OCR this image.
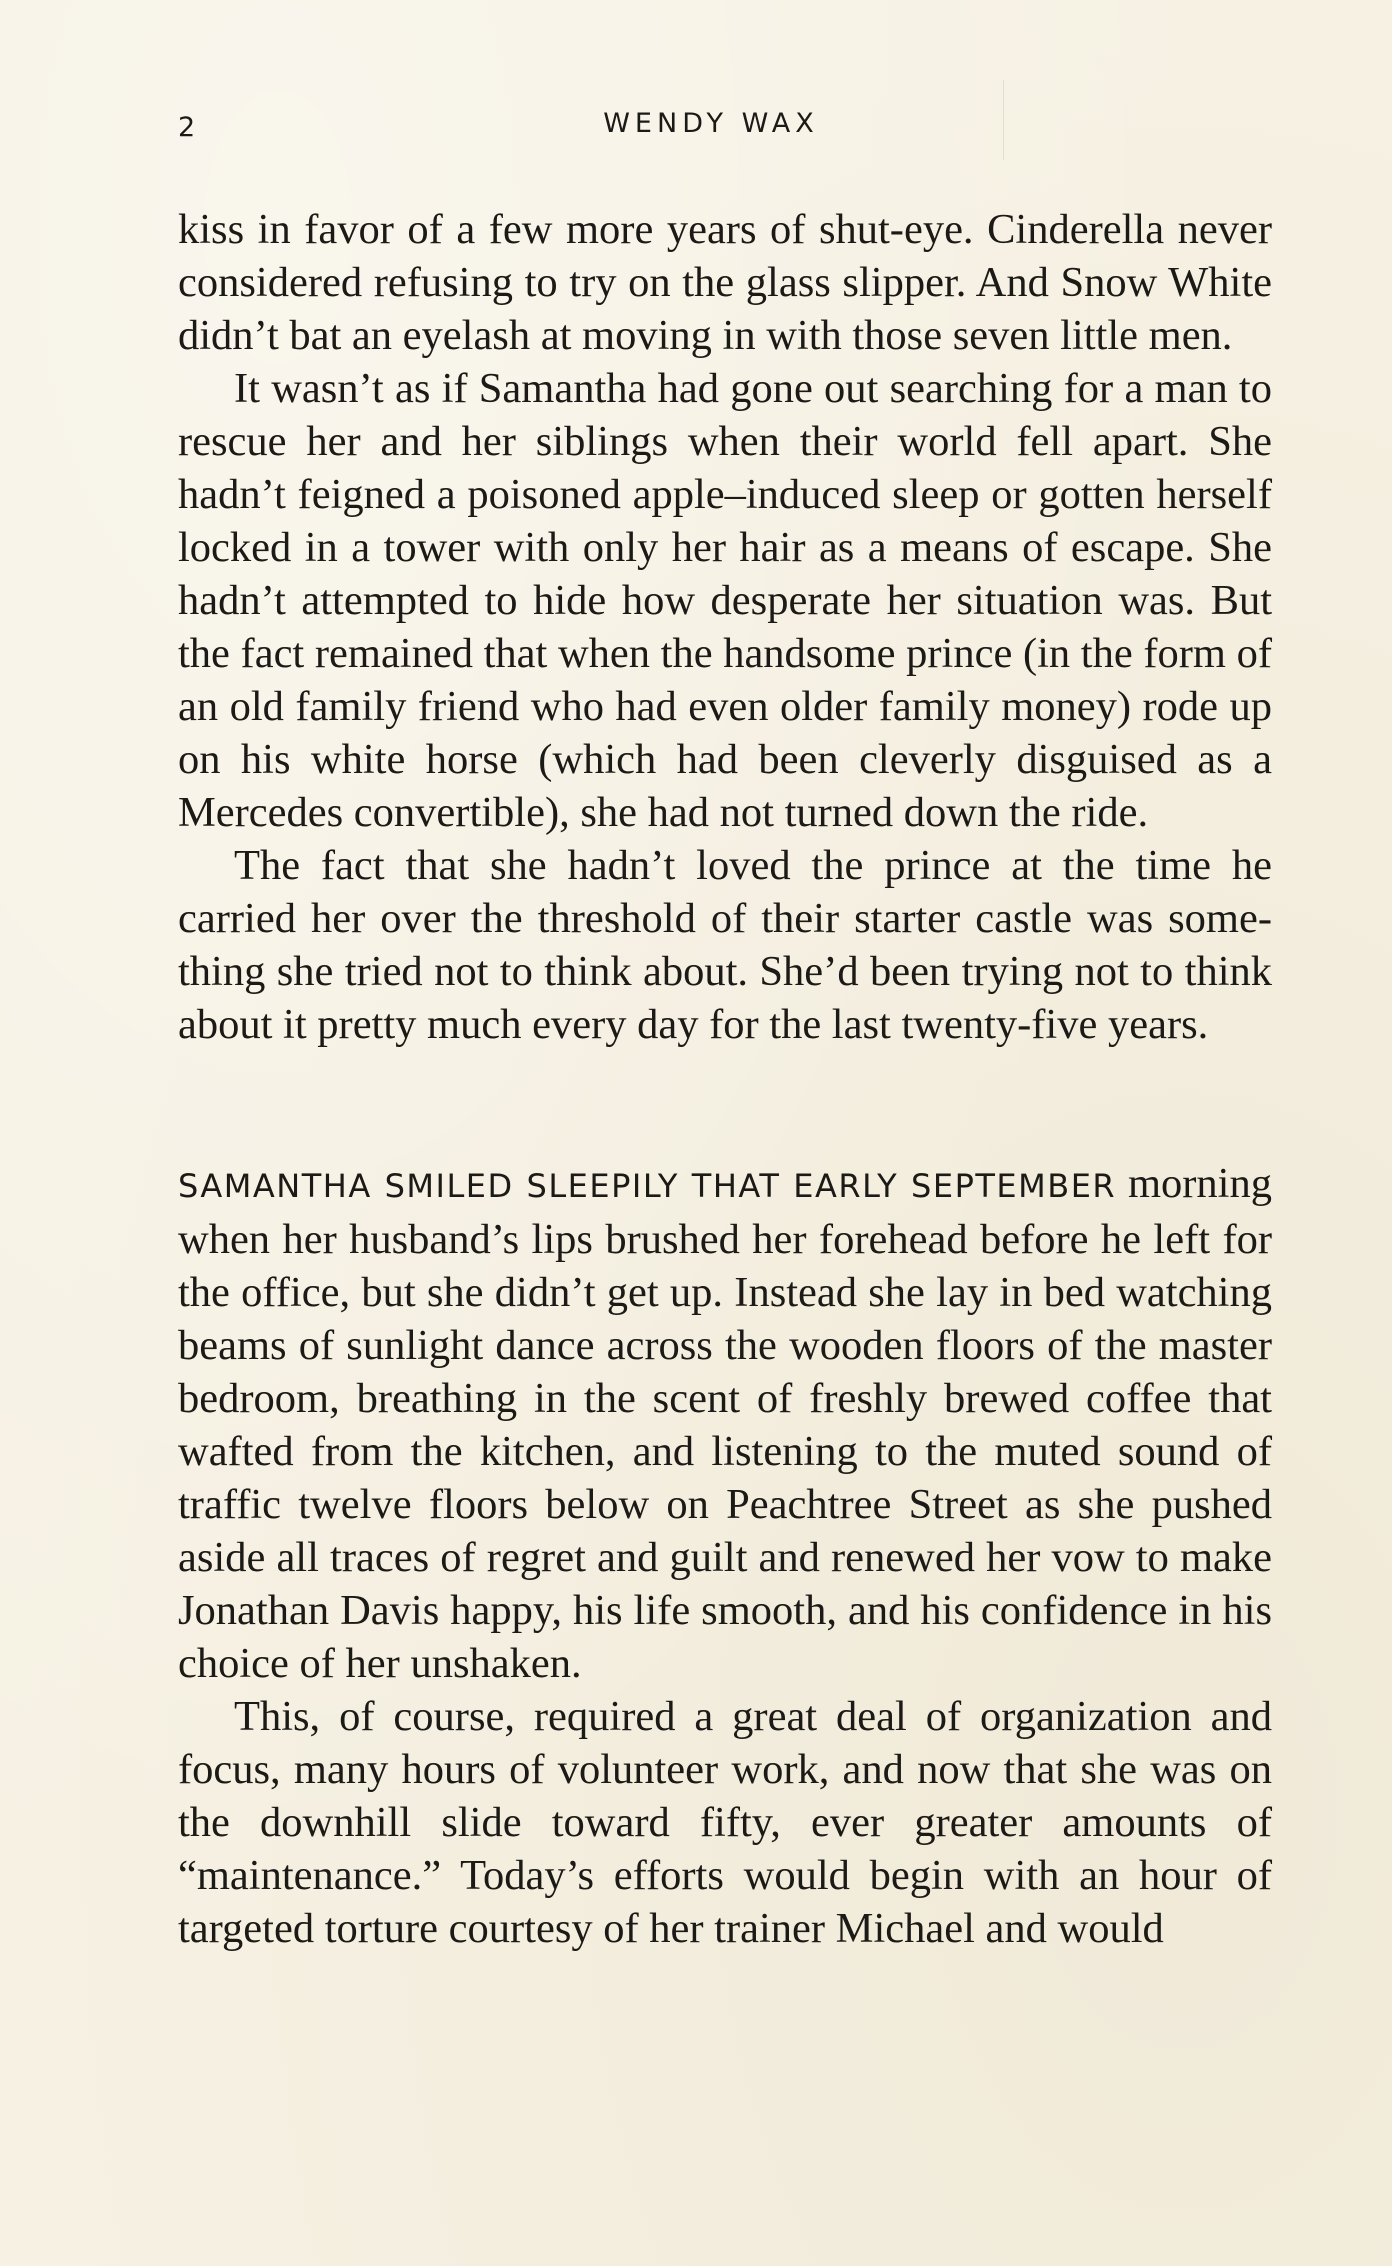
2	WENDY WAX

kiss in favor of a few more years of shut-eye. Cinderella never considered refusing to try on the glass slipper. And Snow White didn’t bat an eyelash at moving in with those seven little men.

It wasn’t as if Samantha had gone out searching for a man to rescue her and her siblings when their world fell apart. She hadn’t feigned a poisoned apple–induced sleep or gotten herself locked in a tower with only her hair as a means of escape. She hadn’t attempted to hide how desperate her situation was. But the fact remained that when the handsome prince (in the form of an old family friend who had even older family money) rode up on his white horse (which had been cleverly disguised as a Mercedes convertible), she had not turned down the ride.

The fact that she hadn’t loved the prince at the time he carried her over the threshold of their starter castle was something she tried not to think about. She’d been trying not to think about it pretty much every day for the last twenty-five years.

SAMANTHA SMILED SLEEPILY THAT EARLY SEPTEMBER morning when her husband’s lips brushed her forehead before he left for the office, but she didn’t get up. Instead she lay in bed watching beams of sunlight dance across the wooden floors of the master bedroom, breathing in the scent of freshly brewed coffee that wafted from the kitchen, and listening to the muted sound of traffic twelve floors below on Peachtree Street as she pushed aside all traces of regret and guilt and renewed her vow to make Jonathan Davis happy, his life smooth, and his confidence in his choice of her unshaken.

This, of course, required a great deal of organization and focus, many hours of volunteer work, and now that she was on the downhill slide toward fifty, ever greater amounts of “maintenance.” Today’s efforts would begin with an hour of targeted torture courtesy of her trainer Michael and would
